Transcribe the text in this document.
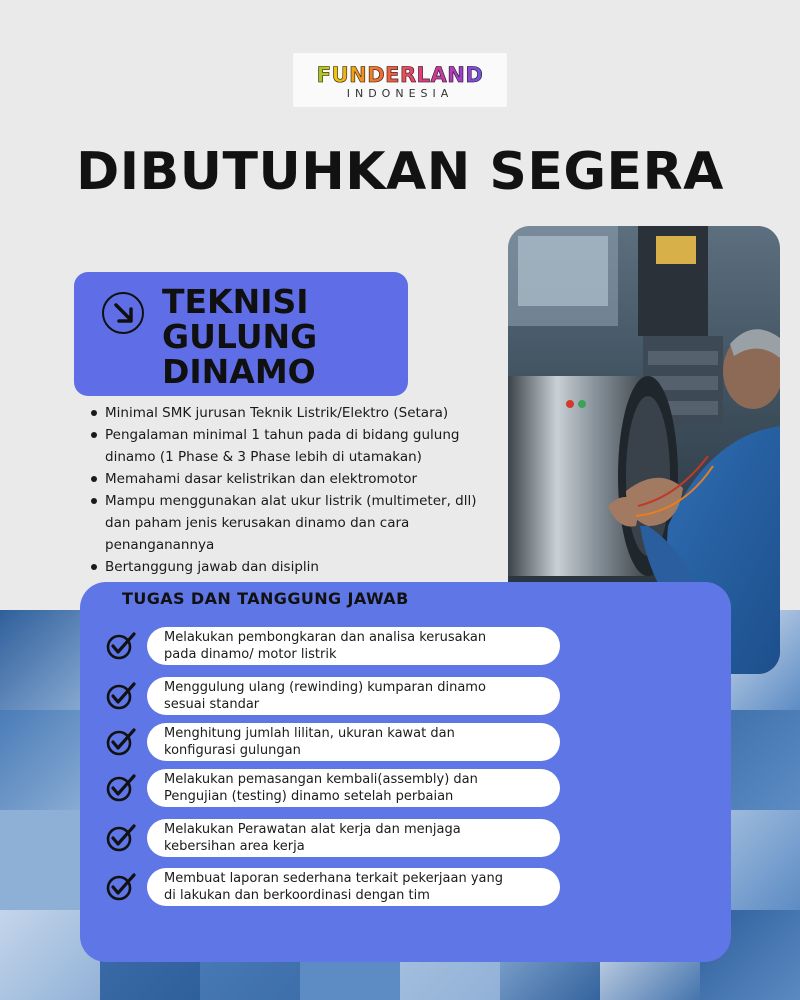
FUNDERLAND
INDONESIA
DIBUTUHKAN SEGERA
TEKNISI
GULUNG
DINAMO
Minimal SMK jurusan Teknik Listrik/Elektro (Setara)
Pengalaman minimal 1 tahun pada di bidang gulung
dinamo (1 Phase & 3 Phase lebih di utamakan)
Memahami dasar kelistrikan dan elektromotor
Mampu menggunakan alat ukur listrik (multimeter, dll)
dan paham jenis kerusakan dinamo dan cara
penanganannya
Bertanggung jawab dan disiplin
TUGAS DAN TANGGUNG JAWAB
Melakukan pembongkaran dan analisa kerusakan
pada dinamo/ motor listrik
Menggulung ulang (rewinding) kumparan dinamo
sesuai standar
Menghitung jumlah lilitan, ukuran kawat dan
konfigurasi gulungan
Melakukan pemasangan kembali(assembly) dan
Pengujian (testing) dinamo setelah perbaian
Melakukan Perawatan alat kerja dan menjaga
kebersihan area kerja
Membuat laporan sederhana terkait pekerjaan yang
di lakukan dan berkoordinasi dengan tim
